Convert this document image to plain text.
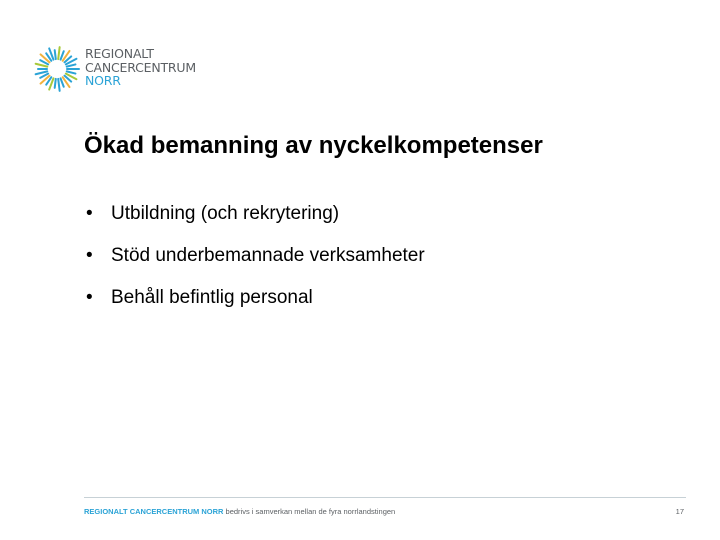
REGIONALT
CANCERCENTRUM
NORR
Ökad bemanning av nyckelkompetenser
• Utbildning (och rekrytering)
• Stöd underbemannade verksamheter
• Behåll befintlig personal
REGIONALT CANCERCENTRUM NORR bedrivs i samverkan mellan de fyra norrlandstingen	17
